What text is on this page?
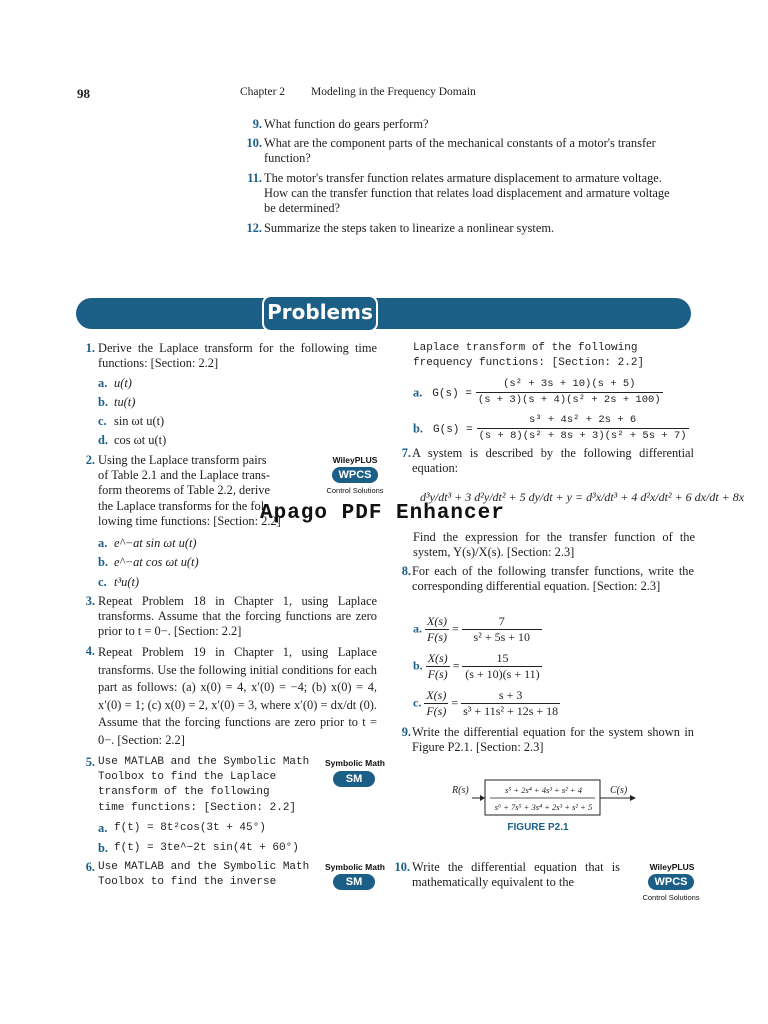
98	Chapter 2 Modeling in the Frequency Domain
9. What function do gears perform?
10. What are the component parts of the mechanical constants of a motor's transfer function?
11. The motor's transfer function relates armature displacement to armature voltage. How can the transfer function that relates load displacement and armature voltage be determined?
12. Summarize the steps taken to linearize a nonlinear system.
Problems
1. Derive the Laplace transform for the following time functions: [Section: 2.2]
a. u(t)
b. tu(t)
c. sin ωt u(t)
d. cos ωt u(t)
2. Using the Laplace transform pairs
of Table 2.1 and the Laplace trans-
form theorems of Table 2.2, derive
the Laplace transforms for the fol-
lowing time functions: [Section: 2.2]
WileyPLUS
WPCS
Control Solutions
a. e^−at sin ωt u(t)
b. e^−at cos ωt u(t)
c. t³u(t)
3. Repeat Problem 18 in Chapter 1, using Laplace transforms. Assume that the forcing functions are zero prior to t = 0−. [Section: 2.2]
4. Repeat Problem 19 in Chapter 1, using Laplace transforms. Use the following initial conditions for each part as follows: (a) x(0) = 4, x′(0) = −4; (b) x(0) = 4, x′(0) = 1; (c) x(0) = 2, x′(0) = 3, where x′(0) = dx/dt (0). Assume that the forcing functions are zero prior to t = 0−. [Section: 2.2]
5. Use MATLAB and the Symbolic Math
Toolbox to find the Laplace
transform of the following
time functions: [Section: 2.2]
Symbolic Math
SM
a. f(t) = 8t²cos(3t + 45°)
b. f(t) = 3te^−2t sin(4t + 60°)
6. Use MATLAB and the Symbolic Math
Toolbox to find the inverse
Symbolic Math
SM
Laplace transform of the following
frequency functions: [Section: 2.2]
a. $G(s) = \frac{\text{(s² + 3s + 10)(s + 5)}}{\text{(s + 3)(s + 4)(s² + 2s + 100)}}$
b. $G(s) = \frac{\text{s³ + 4s² + 2s + 6}}{\text{(s + 8)(s² + 8s + 3)(s² + 5s + 7)}}$
7. A system is described by the following differential equation:
d³y/dt³ + 3 d²y/dt² + 5 dy/dt + y = d³x/dt³ + 4 d²x/dt² + 6 dx/dt + 8x
Find the expression for the transfer function of the system, Y(s)/X(s). [Section: 2.3]
8. For each of the following transfer functions, write the corresponding differential equation. [Section: 2.3]
a. $\frac{X(s)}{F(s)} = \frac{7}{\text{s² + 5s + 10}}$
b. $\frac{X(s)}{F(s)} = \frac{15}{(s + 10)(s + 11)}$
c. $\frac{X(s)}{F(s)} = \frac{s + 3}{\text{s³ + 11s² + 12s + 18}}$
9. Write the differential equation for the system shown in Figure P2.1. [Section: 2.3]
R(s)	C(s)
s⁵ + 2s⁴ + 4s³ + s² + 4
s⁶ + 7s⁵ + 3s⁴ + 2s³ + s² + 5
FIGURE P2.1
10. Write the differential equation that is mathematically equivalent to the
WileyPLUS
WPCS
Control Solutions
Apago PDF Enhancer
